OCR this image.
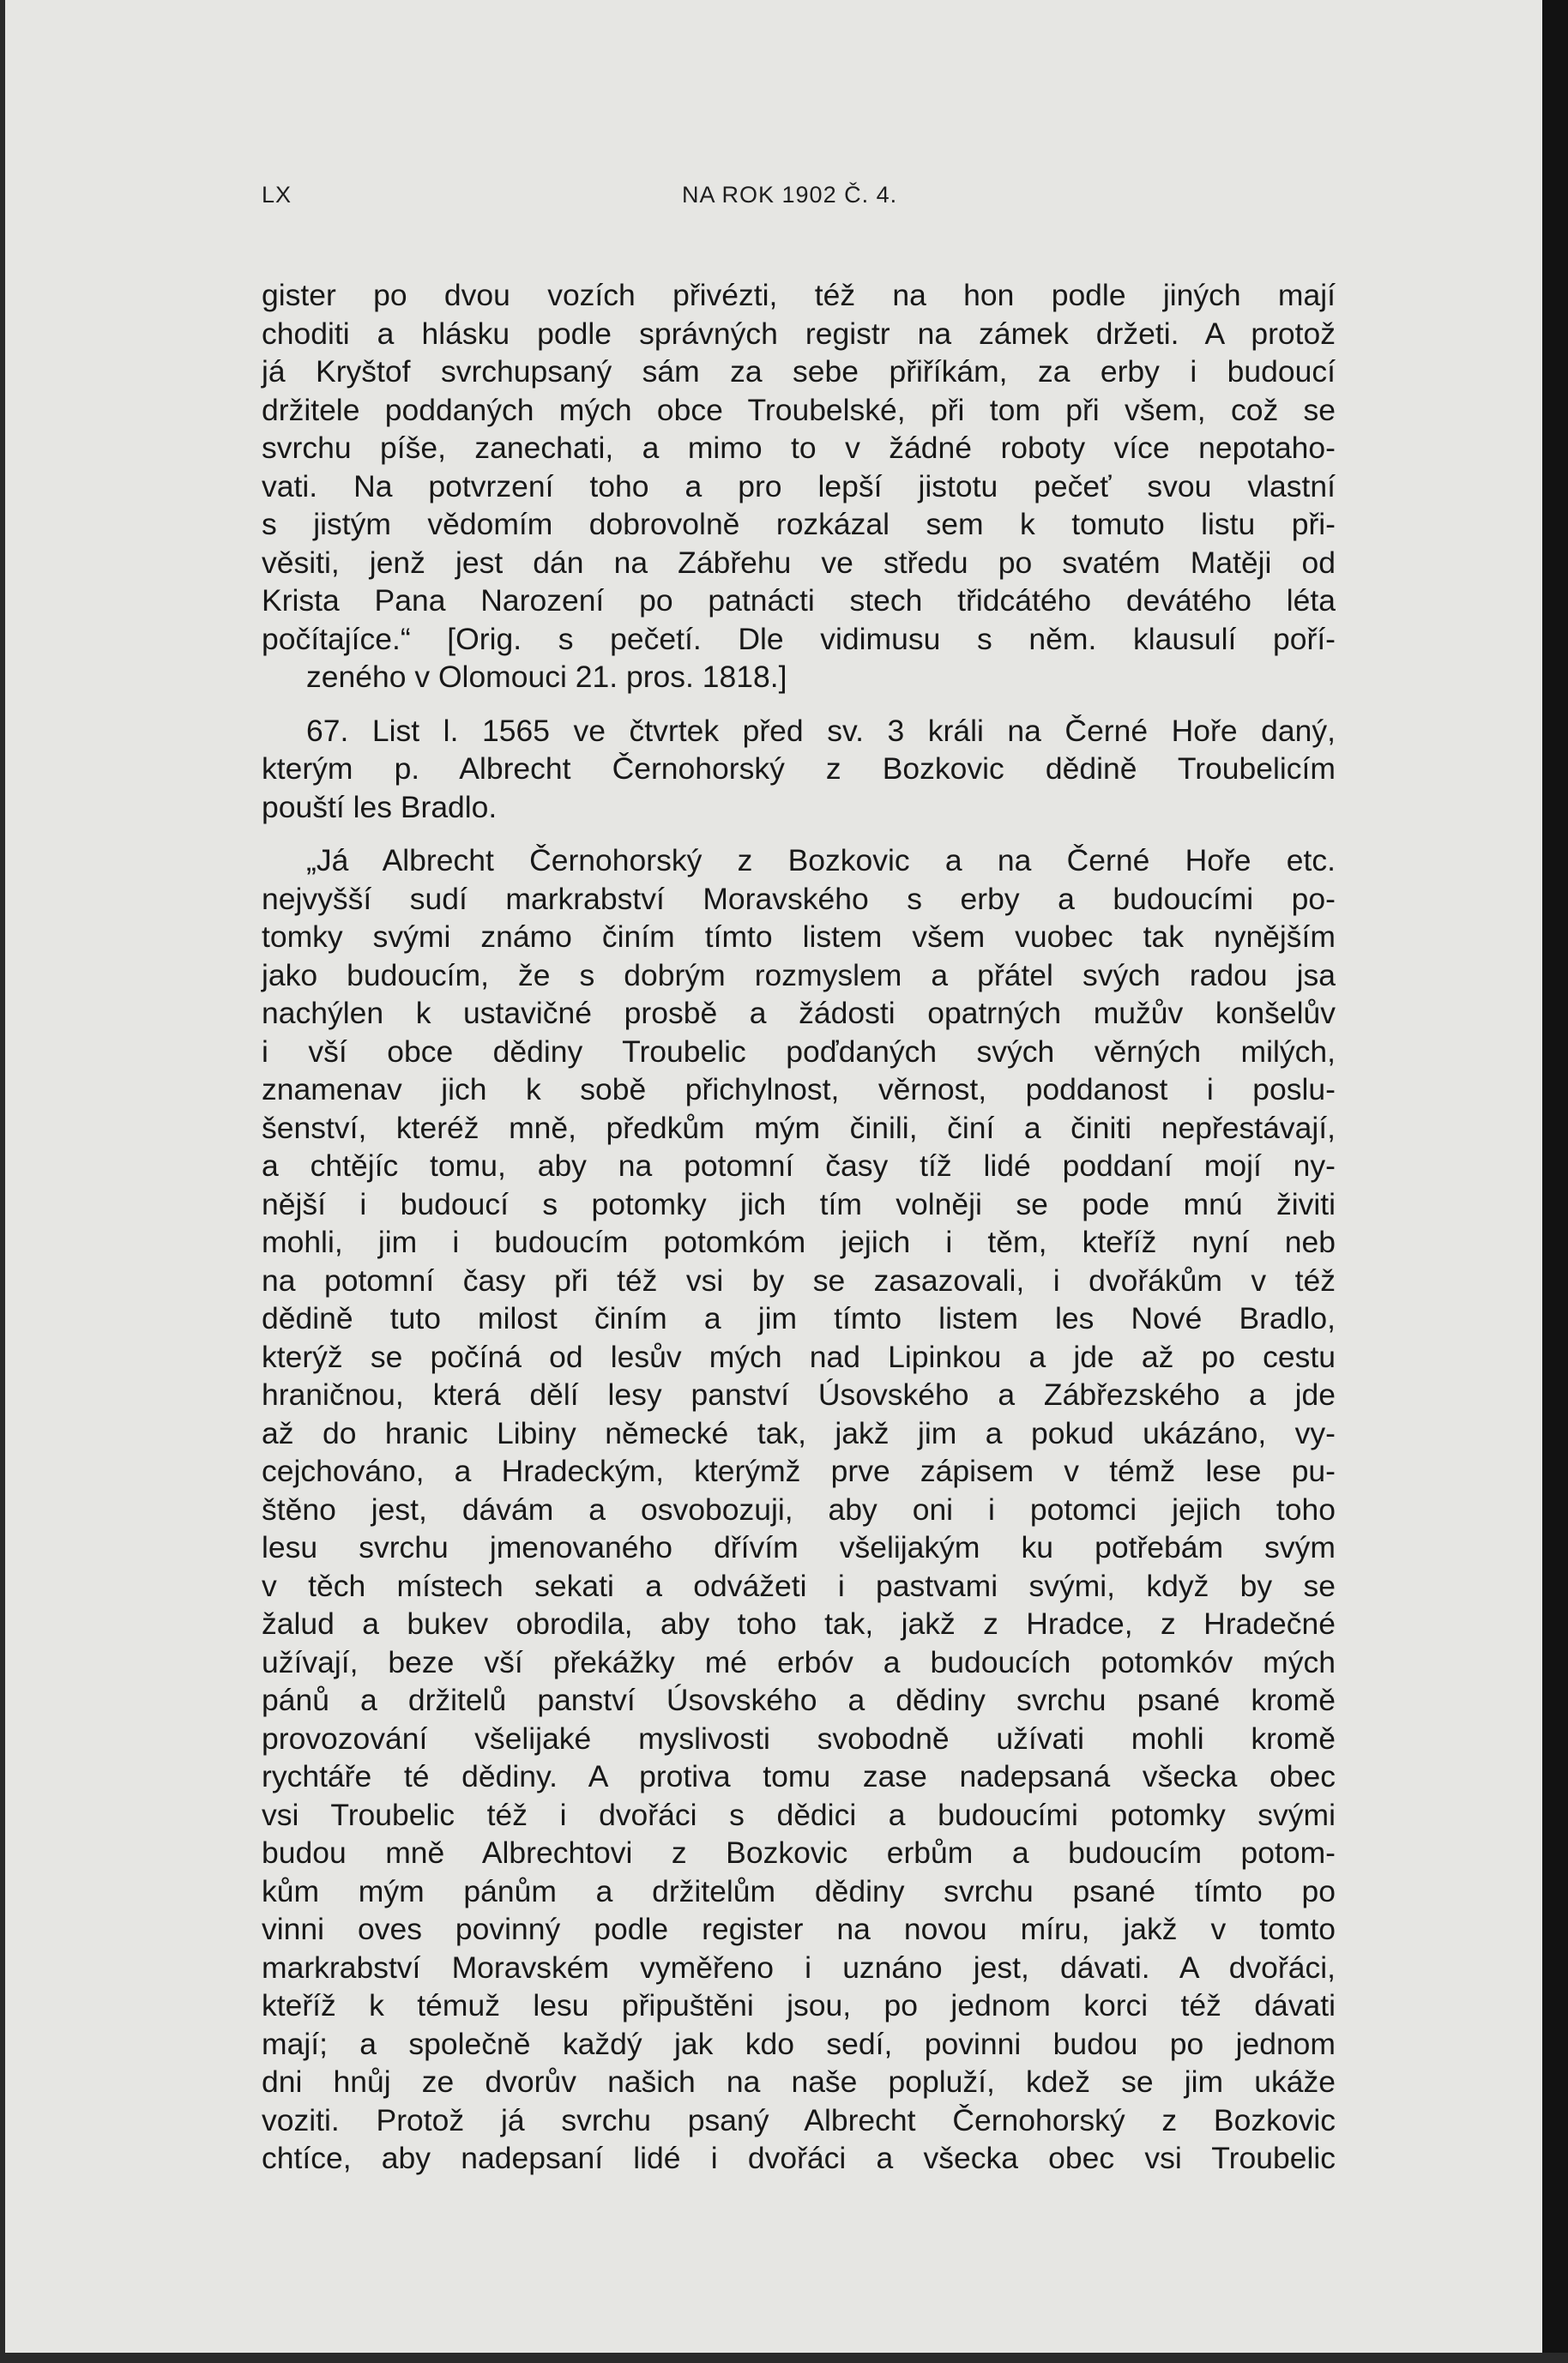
LX	NA ROK 1902 Č. 4.

gister po dvou vozích přivézti, též na hon podle jiných mají
choditi a hlásku podle správných registr na zámek držeti. A protož
já Kryštof svrchupsaný sám za sebe přiříkám, za erby i budoucí
držitele poddaných mých obce Troubelské, při tom při všem, což se
svrchu píše, zanechati, a mimo to v žádné roboty více nepotaho-
vati. Na potvrzení toho a pro lepší jistotu pečeť svou vlastní
s jistým vědomím dobrovolně rozkázal sem k tomuto listu při-
věsiti, jenž jest dán na Zábřehu ve středu po svatém Matěji od
Krista Pana Narození po patnácti stech třidcátého devátého léta
počítajíce.“ [Orig. s pečetí. Dle vidimusu s něm. klausulí poří-
zeného v Olomouci 21. pros. 1818.]

67. List l. 1565 ve čtvrtek před sv. 3 králi na Černé Hoře daný,
kterým p. Albrecht Černohorský z Bozkovic dědině Troubelicím
pouští les Bradlo.

„Já Albrecht Černohorský z Bozkovic a na Černé Hoře etc.
nejvyšší sudí markrabství Moravského s erby a budoucími po-
tomky svými známo činím tímto listem všem vuobec tak nynějším
jako budoucím, že s dobrým rozmyslem a přátel svých radou jsa
nachýlen k ustavičné prosbě a žádosti opatrných mužův konšelův
i vší obce dědiny Troubelic poďdaných svých věrných milých,
znamenav jich k sobě přichylnost, věrnost, poddanost i poslu-
šenství, kteréž mně, předkům mým činili, činí a činiti nepřestávají,
a chtějíc tomu, aby na potomní časy tíž lidé poddaní mojí ny-
nější i budoucí s potomky jich tím volněji se pode mnú živiti
mohli, jim i budoucím potomkóm jejich i těm, kteříž nyní neb
na potomní časy při též vsi by se zasazovali, i dvořákům v též
dědině tuto milost činím a jim tímto listem les Nové Bradlo,
kterýž se počíná od lesův mých nad Lipinkou a jde až po cestu
hraničnou, která dělí lesy panství Úsovského a Zábřezského a jde
až do hranic Libiny německé tak, jakž jim a pokud ukázáno, vy-
cejchováno, a Hradeckým, kterýmž prve zápisem v témž lese pu-
štěno jest, dávám a osvobozuji, aby oni i potomci jejich toho
lesu svrchu jmenovaného dřívím všelijakým ku potřebám svým
v těch místech sekati a odvážeti i pastvami svými, když by se
žalud a bukev obrodila, aby toho tak, jakž z Hradce, z Hradečné
užívají, beze vší překážky mé erbóv a budoucích potomkóv mých
pánů a držitelů panství Úsovského a dědiny svrchu psané kromě
provozování všelijaké myslivosti svobodně užívati mohli kromě
rychtáře té dědiny. A protiva tomu zase nadepsaná všecka obec
vsi Troubelic též i dvořáci s dědici a budoucími potomky svými
budou mně Albrechtovi z Bozkovic erbům a budoucím potom-
kům mým pánům a držitelům dědiny svrchu psané tímto po
vinni oves povinný podle register na novou míru, jakž v tomto
markrabství Moravském vyměřeno i uznáno jest, dávati. A dvořáci,
kteříž k témuž lesu připuštěni jsou, po jednom korci též dávati
mají; a společně každý jak kdo sedí, povinni budou po jednom
dni hnůj ze dvorův našich na naše popluží, kdež se jim ukáže
voziti. Protož já svrchu psaný Albrecht Černohorský z Bozkovic
chtíce, aby nadepsaní lidé i dvořáci a všecka obec vsi Troubelic
